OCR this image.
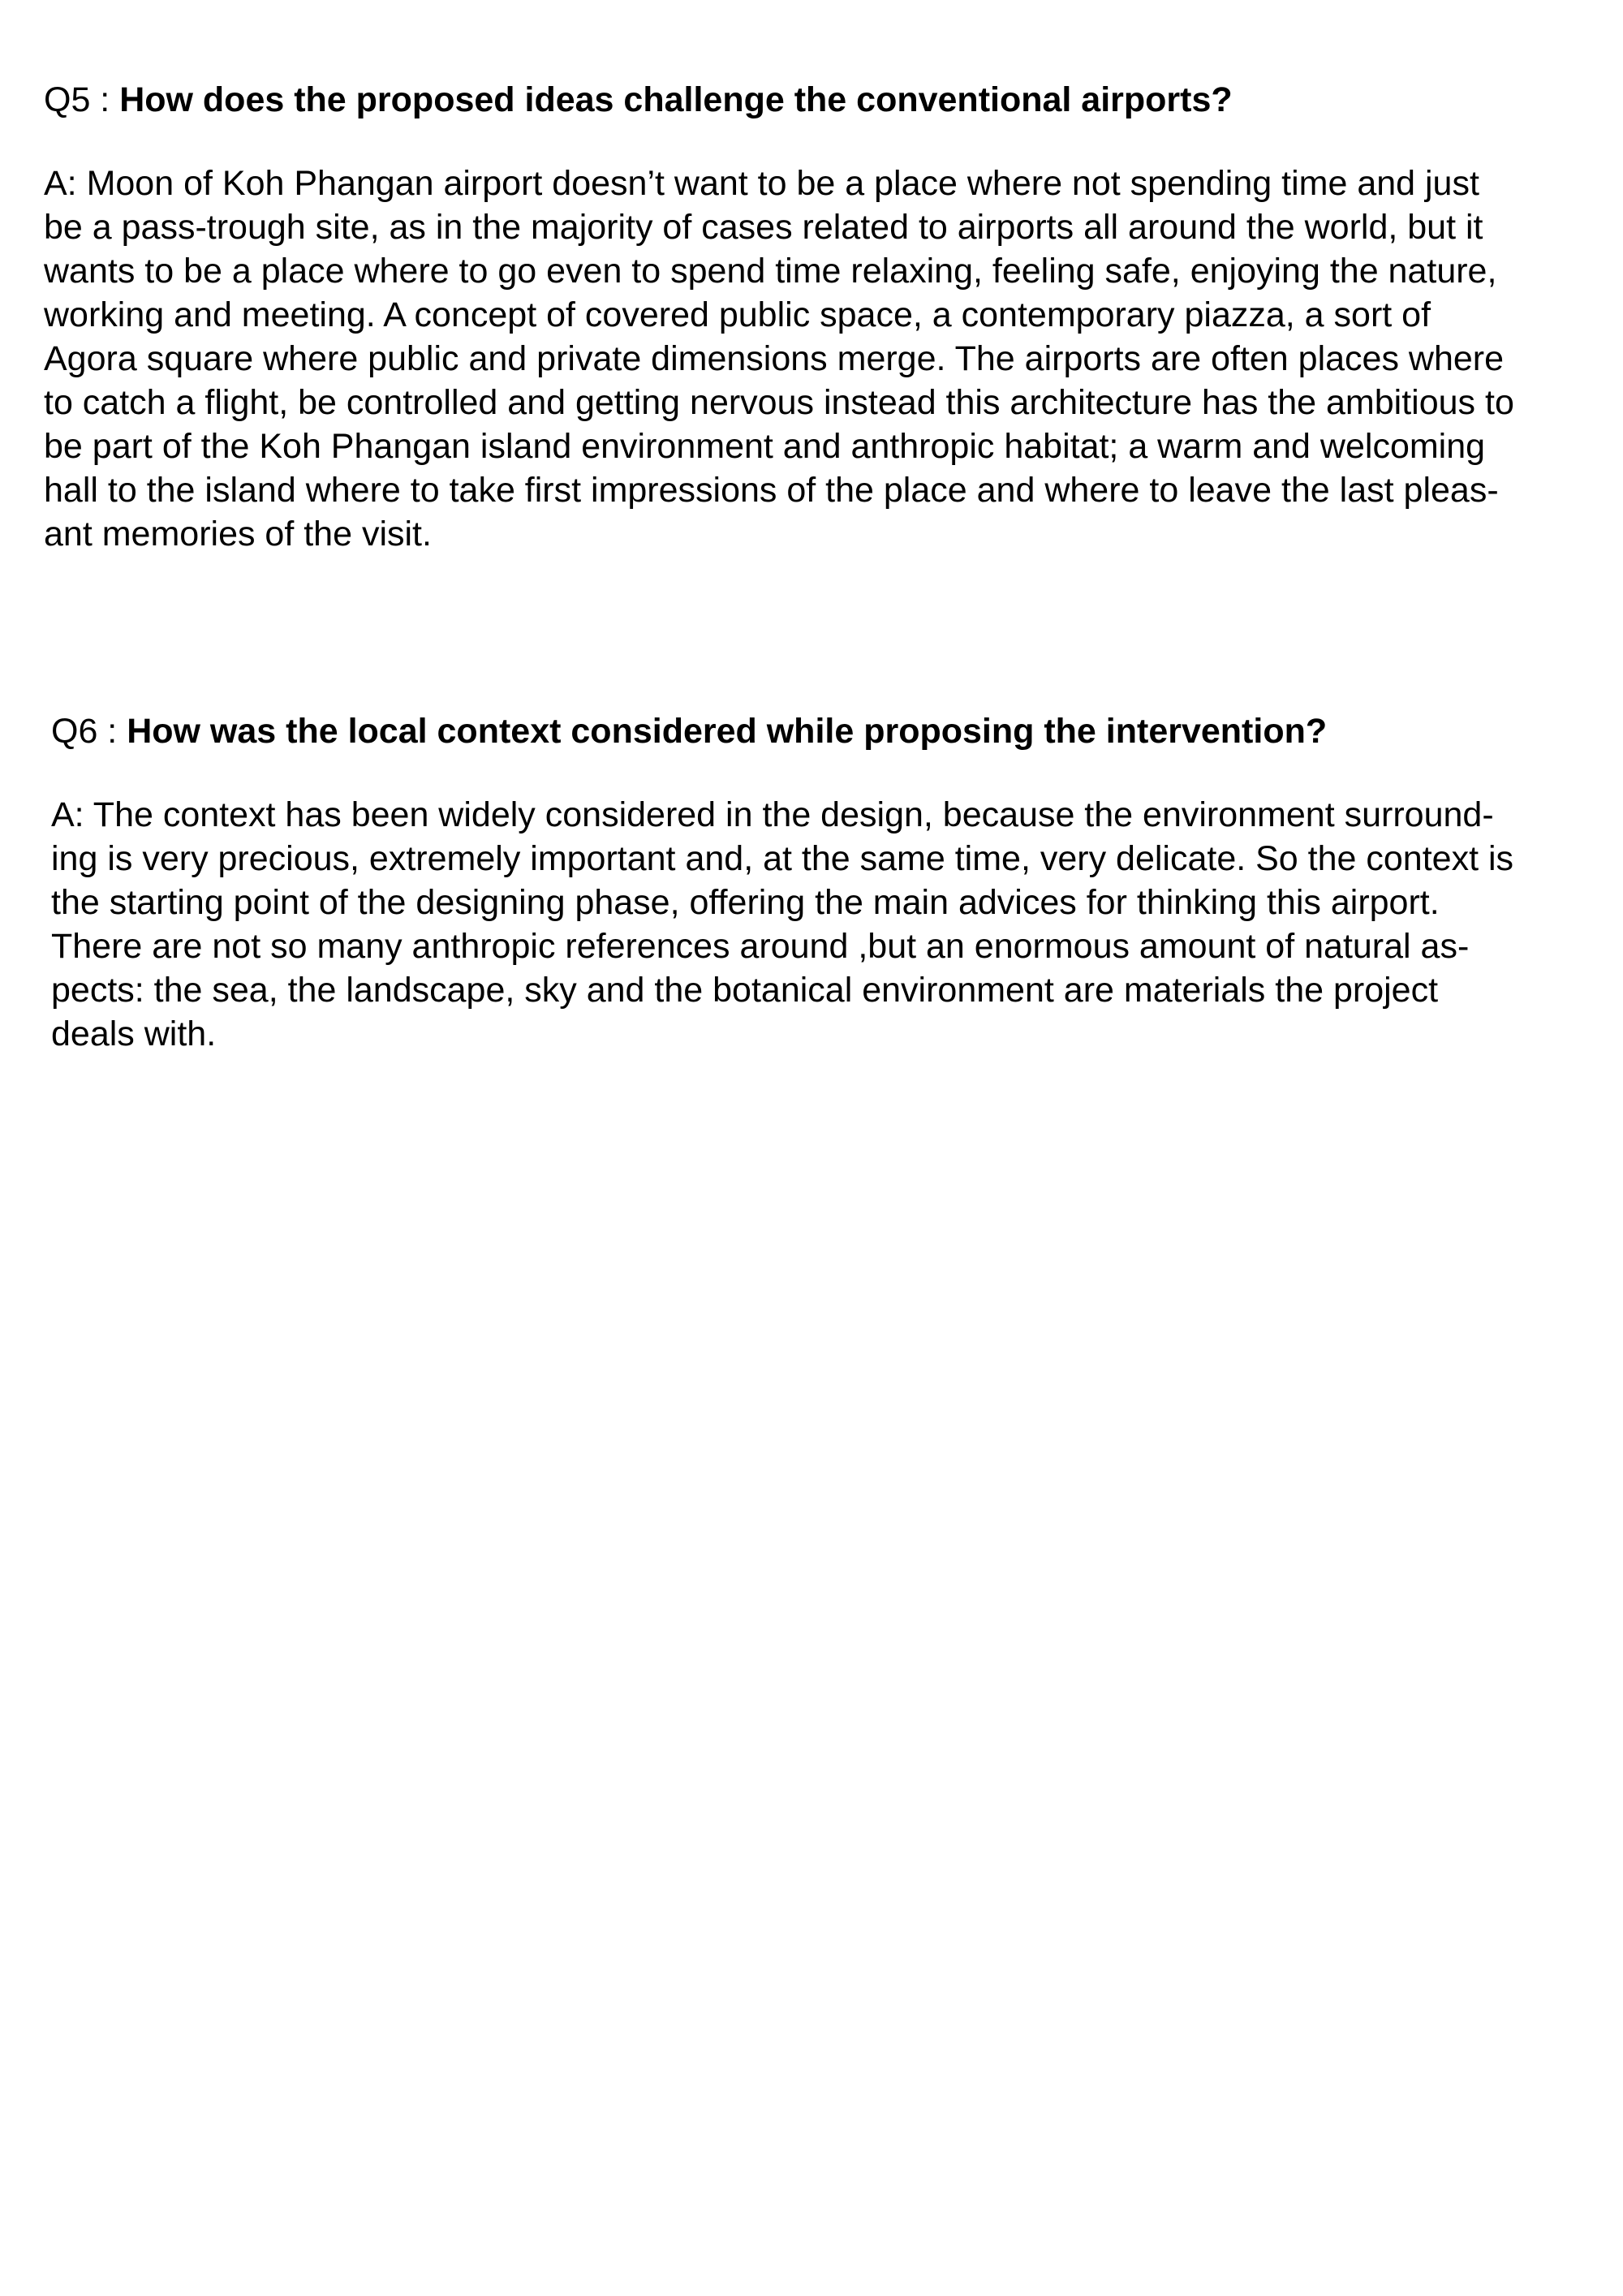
Q5 : How does the proposed ideas challenge the conventional airports?

A: Moon of Koh Phangan airport doesn’t want to be a place where not spending time and just
be a pass-trough site, as in the majority of cases related to airports all around the world, but it
wants to be a place where to go even to spend time relaxing, feeling safe, enjoying the nature,
working and meeting. A concept of covered public space, a contemporary piazza, a sort of
Agora square where public and private dimensions merge. The airports are often places where
to catch a flight, be controlled and getting nervous instead this architecture has the ambitious to
be part of the Koh Phangan island environment and anthropic habitat; a warm and welcoming
hall to the island where to take first impressions of the place and where to leave the last pleas-
ant memories of the visit.

Q6 : How was the local context considered while proposing the intervention?

A: The context has been widely considered in the design, because the environment surround-
ing is very precious, extremely important and, at the same time, very delicate. So the context is
the starting point of the designing phase, offering the main advices for thinking this airport.
There are not so many anthropic references around ,but an enormous amount of natural as-
pects: the sea, the landscape, sky and the botanical environment are materials the project
deals with.
